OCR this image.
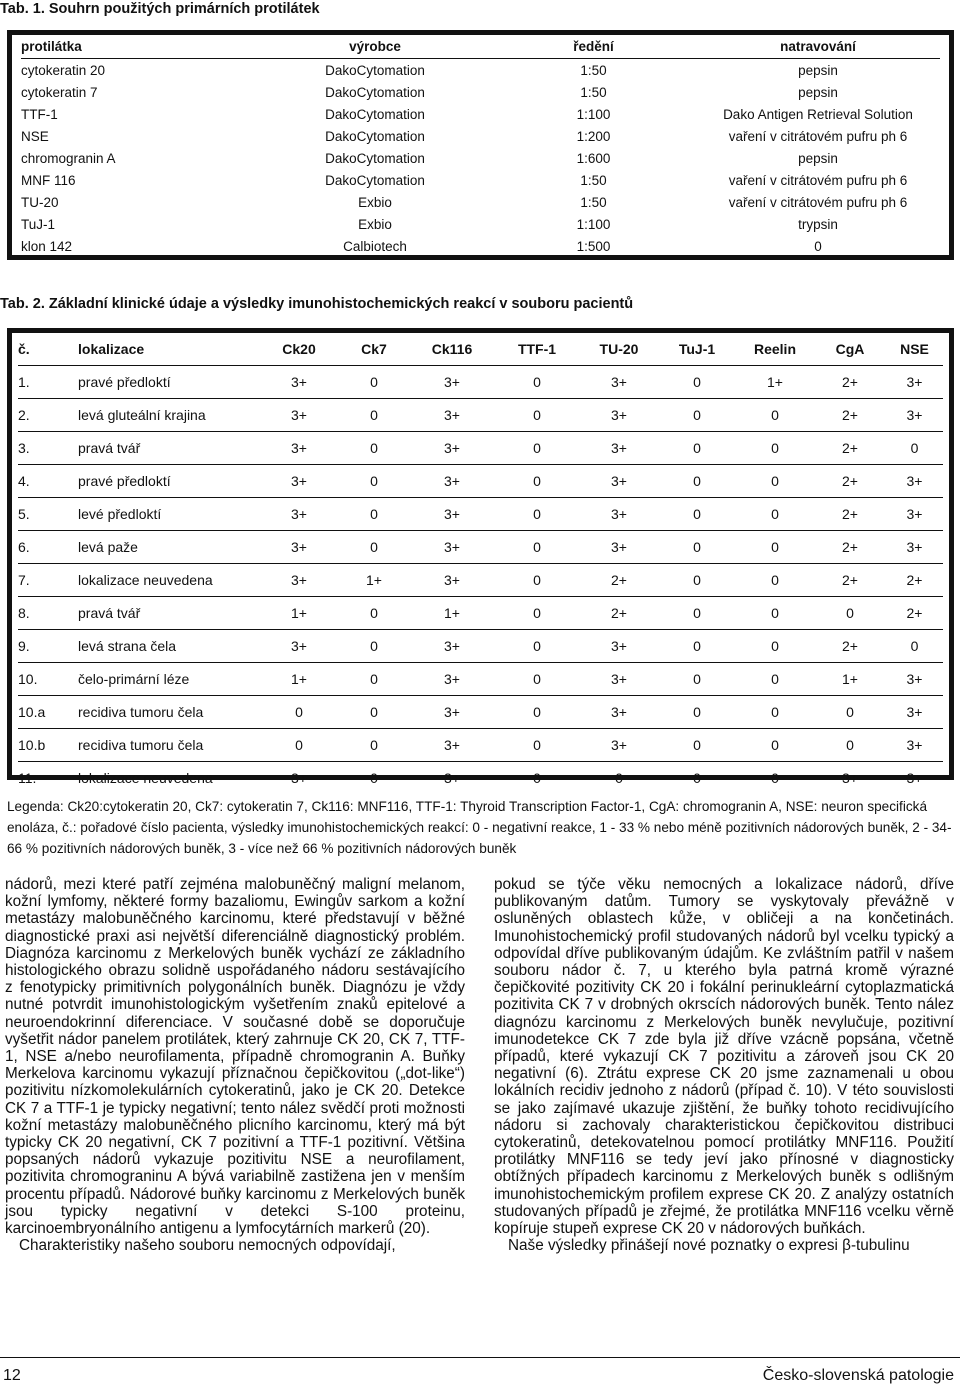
Tab. 1. Souhrn použitých primárních protilátek
protilátka	výrobce	ředění	natravování
cytokeratin 20	DakoCytomation	1:50	pepsin
cytokeratin 7	DakoCytomation	1:50	pepsin
TTF-1	DakoCytomation	1:100	Dako Antigen Retrieval Solution
NSE	DakoCytomation	1:200	vaření v citrátovém pufru ph 6
chromogranin A	DakoCytomation	1:600	pepsin
MNF 116	DakoCytomation	1:50	vaření v citrátovém pufru ph 6
TU-20	Exbio	1:50	vaření v citrátovém pufru ph 6
TuJ-1	Exbio	1:100	trypsin
klon 142	Calbiotech	1:500	0
Tab. 2. Základní klinické údaje a výsledky imunohistochemických reakcí v souboru pacientů
č.	lokalizace	Ck20	Ck7	Ck116	TTF-1	TU-20	TuJ-1	Reelin	CgA	NSE
1.	pravé předloktí	3+	0	3+	0	3+	0	1+	2+	3+
2.	levá gluteální krajina	3+	0	3+	0	3+	0	0	2+	3+
3.	pravá tvář	3+	0	3+	0	3+	0	0	2+	0
4.	pravé předloktí	3+	0	3+	0	3+	0	0	2+	3+
5.	levé předloktí	3+	0	3+	0	3+	0	0	2+	3+
6.	levá paže	3+	0	3+	0	3+	0	0	2+	3+
7.	lokalizace neuvedena	3+	1+	3+	0	2+	0	0	2+	2+
8.	pravá tvář	1+	0	1+	0	2+	0	0	0	2+
9.	levá strana čela	3+	0	3+	0	3+	0	0	2+	0
10.	čelo-primární léze	1+	0	3+	0	3+	0	0	1+	3+
10.a	recidiva tumoru čela	0	0	3+	0	3+	0	0	0	3+
10.b	recidiva tumoru čela	0	0	3+	0	3+	0	0	0	3+
11.	lokalizace neuvedena	3+	0	3+	0	0	0	0	3+	3+
Legenda: Ck20:cytokeratin 20, Ck7: cytokeratin 7, Ck116: MNF116, TTF-1: Thyroid Transcription Factor-1, CgA: chromogranin A, NSE: neuron specifická enoláza, č.: pořadové číslo pacienta, výsledky imunohistochemických reakcí: 0 - negativní reakce, 1 - 33 % nebo méně pozitivních nádorových buněk, 2 - 34-66 % pozitivních nádorových buněk, 3 - více než 66 % pozitivních nádorových buněk

nádorů, mezi které patří zejména malobuněčný maligní melanom, kožní lymfomy, některé formy bazaliomu, Ewingův sarkom a kožní metastázy malobuněčného karcinomu, které představují v běžné diagnostické praxi asi největší diferenciálně diagnostický problém. Diagnóza karcinomu z Merkelových buněk vychází ze základního histologického obrazu solidně uspořádaného nádoru sestávajícího z fenotypicky primitivních polygonálních buněk. Diagnózu je vždy nutné potvrdit imunohistologickým vyšetřením znaků epitelové a neuroendokrinní diferenciace. V současné době se doporučuje vyšetřit nádor panelem protilátek, který zahrnuje CK 20, CK 7, TTF-1, NSE a/nebo neurofilamenta, případně chromogranin A. Buňky Merkelova karcinomu vykazují příznačnou čepičkovitou („dot-like“) pozitivitu nízkomolekulárních cytokeratinů, jako je CK 20. Detekce CK 7 a TTF-1 je typicky negativní; tento nález svědčí proti možnosti kožní metastázy malobuněčného plicního karcinomu, který má být typicky CK 20 negativní, CK 7 pozitivní a TTF-1 pozitivní. Většina popsaných nádorů vykazuje pozitivitu NSE a neurofilament, pozitivita chromograninu A bývá variabilně zastižena jen v menším procentu případů. Nádorové buňky karcinomu z Merkelových buněk jsou typicky negativní v detekci S-100 proteinu, karcinoembryonálního antigenu a lymfocytárních markerů (20).

Charakteristiky našeho souboru nemocných odpovídají,

pokud se týče věku nemocných a lokalizace nádorů, dříve publikovaným datům. Tumory se vyskytovaly převážně v osluněných oblastech kůže, v obličeji a na končetinách. Imunohistochemický profil studovaných nádorů byl vcelku typický a odpovídal dříve publikovaným údajům. Ke zvláštním patřil v našem souboru nádor č. 7, u kterého byla patrná kromě výrazné čepičkovité pozitivity CK 20 i fokální perinukleární cytoplazmatická pozitivita CK 7 v drobných okrscích nádorových buněk. Tento nález diagnózu karcinomu z Merkelových buněk nevylučuje, pozitivní imunodetekce CK 7 zde byla již dříve vzácně popsána, včetně případů, které vykazují CK 7 pozitivitu a zároveň jsou CK 20 negativní (6). Ztrátu exprese CK 20 jsme zaznamenali u obou lokálních recidiv jednoho z nádorů (případ č. 10). V této souvislosti se jako zajímavé ukazuje zjištění, že buňky tohoto recidivujícího nádoru si zachovaly charakteristickou čepičkovitou distribuci cytokeratinů, detekovatelnou pomocí protilátky MNF116. Použití protilátky MNF116 se tedy jeví jako přínosné v diagnosticky obtížných případech karcinomu z Merkelových buněk s odlišným imunohistochemickým profilem exprese CK 20. Z analýzy ostatních studovaných případů je zřejmé, že protilátka MNF116 vcelku věrně kopíruje stupeň exprese CK 20 v nádorových buňkách.

Naše výsledky přinášejí nové poznatky o expresi β-tubulinu

12	Česko-slovenská patologie
